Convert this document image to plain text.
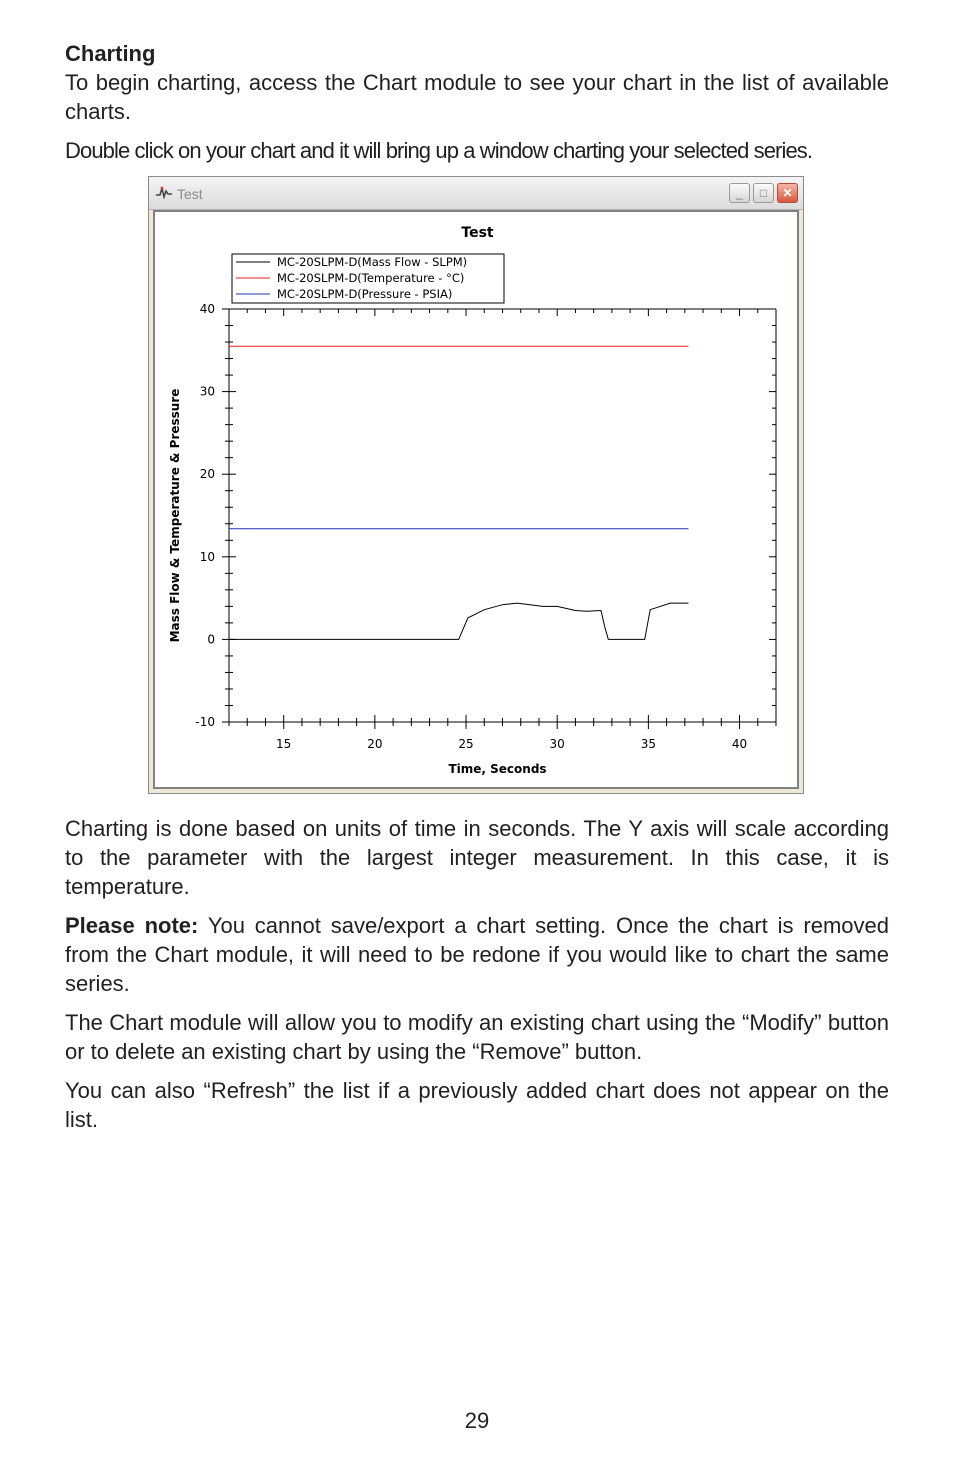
Charting

To begin charting, access the Chart module to see your chart in the list of available charts.

Double click on your chart and it will bring up a window charting your selected series.

Test	_	□	✕
Test
-10
0
10
20
30
40
15	20	25	30	35	40
Time, Seconds
Mass Flow & Temperature & Pressure
MC-20SLPM-D(Mass Flow - SLPM)
MC-20SLPM-D(Temperature - °C)
MC-20SLPM-D(Pressure - PSIA)

Charting is done based on units of time in seconds. The Y axis will scale according to the parameter with the largest integer measurement. In this case, it is temperature.

Please note: You cannot save/export a chart setting. Once the chart is removed from the Chart module, it will need to be redone if you would like to chart the same series.

The Chart module will allow you to modify an existing chart using the “Modify” button or to delete an existing chart by using the “Remove” button.

You can also “Refresh” the list if a previously added chart does not appear on the list.

29
